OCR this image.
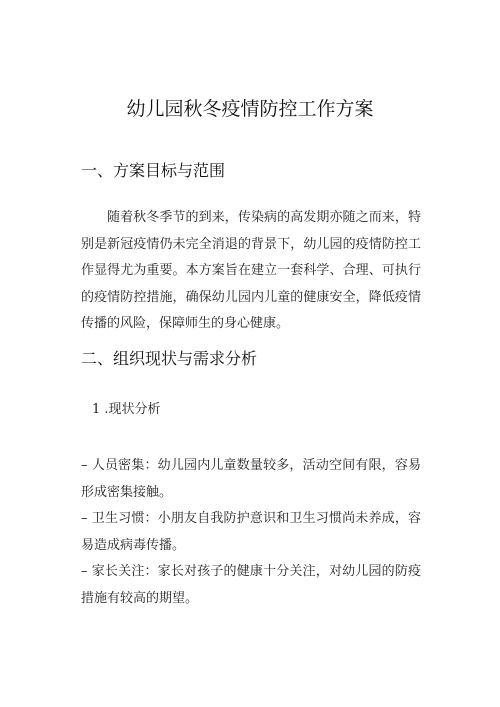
幼儿园秋冬疫情防控工作方案
一、方案目标与范围
随着秋冬季节的到来，传染病的高发期亦随之而来，特别是新冠疫情仍未完全消退的背景下，幼儿园的疫情防控工作显得尤为重要。本方案旨在建立一套科学、合理、可执行的疫情防控措施，确保幼儿园内儿童的健康安全，降低疫情传播的风险，保障师生的身心健康。
二、组织现状与需求分析
1 .现状分析

– 人员密集：幼儿园内儿童数量较多，活动空间有限，容易形成密集接触。

– 卫生习惯：小朋友自我防护意识和卫生习惯尚未养成，容易造成病毒传播。

– 家长关注：家长对孩子的健康十分关注，对幼儿园的防疫措施有较高的期望。
